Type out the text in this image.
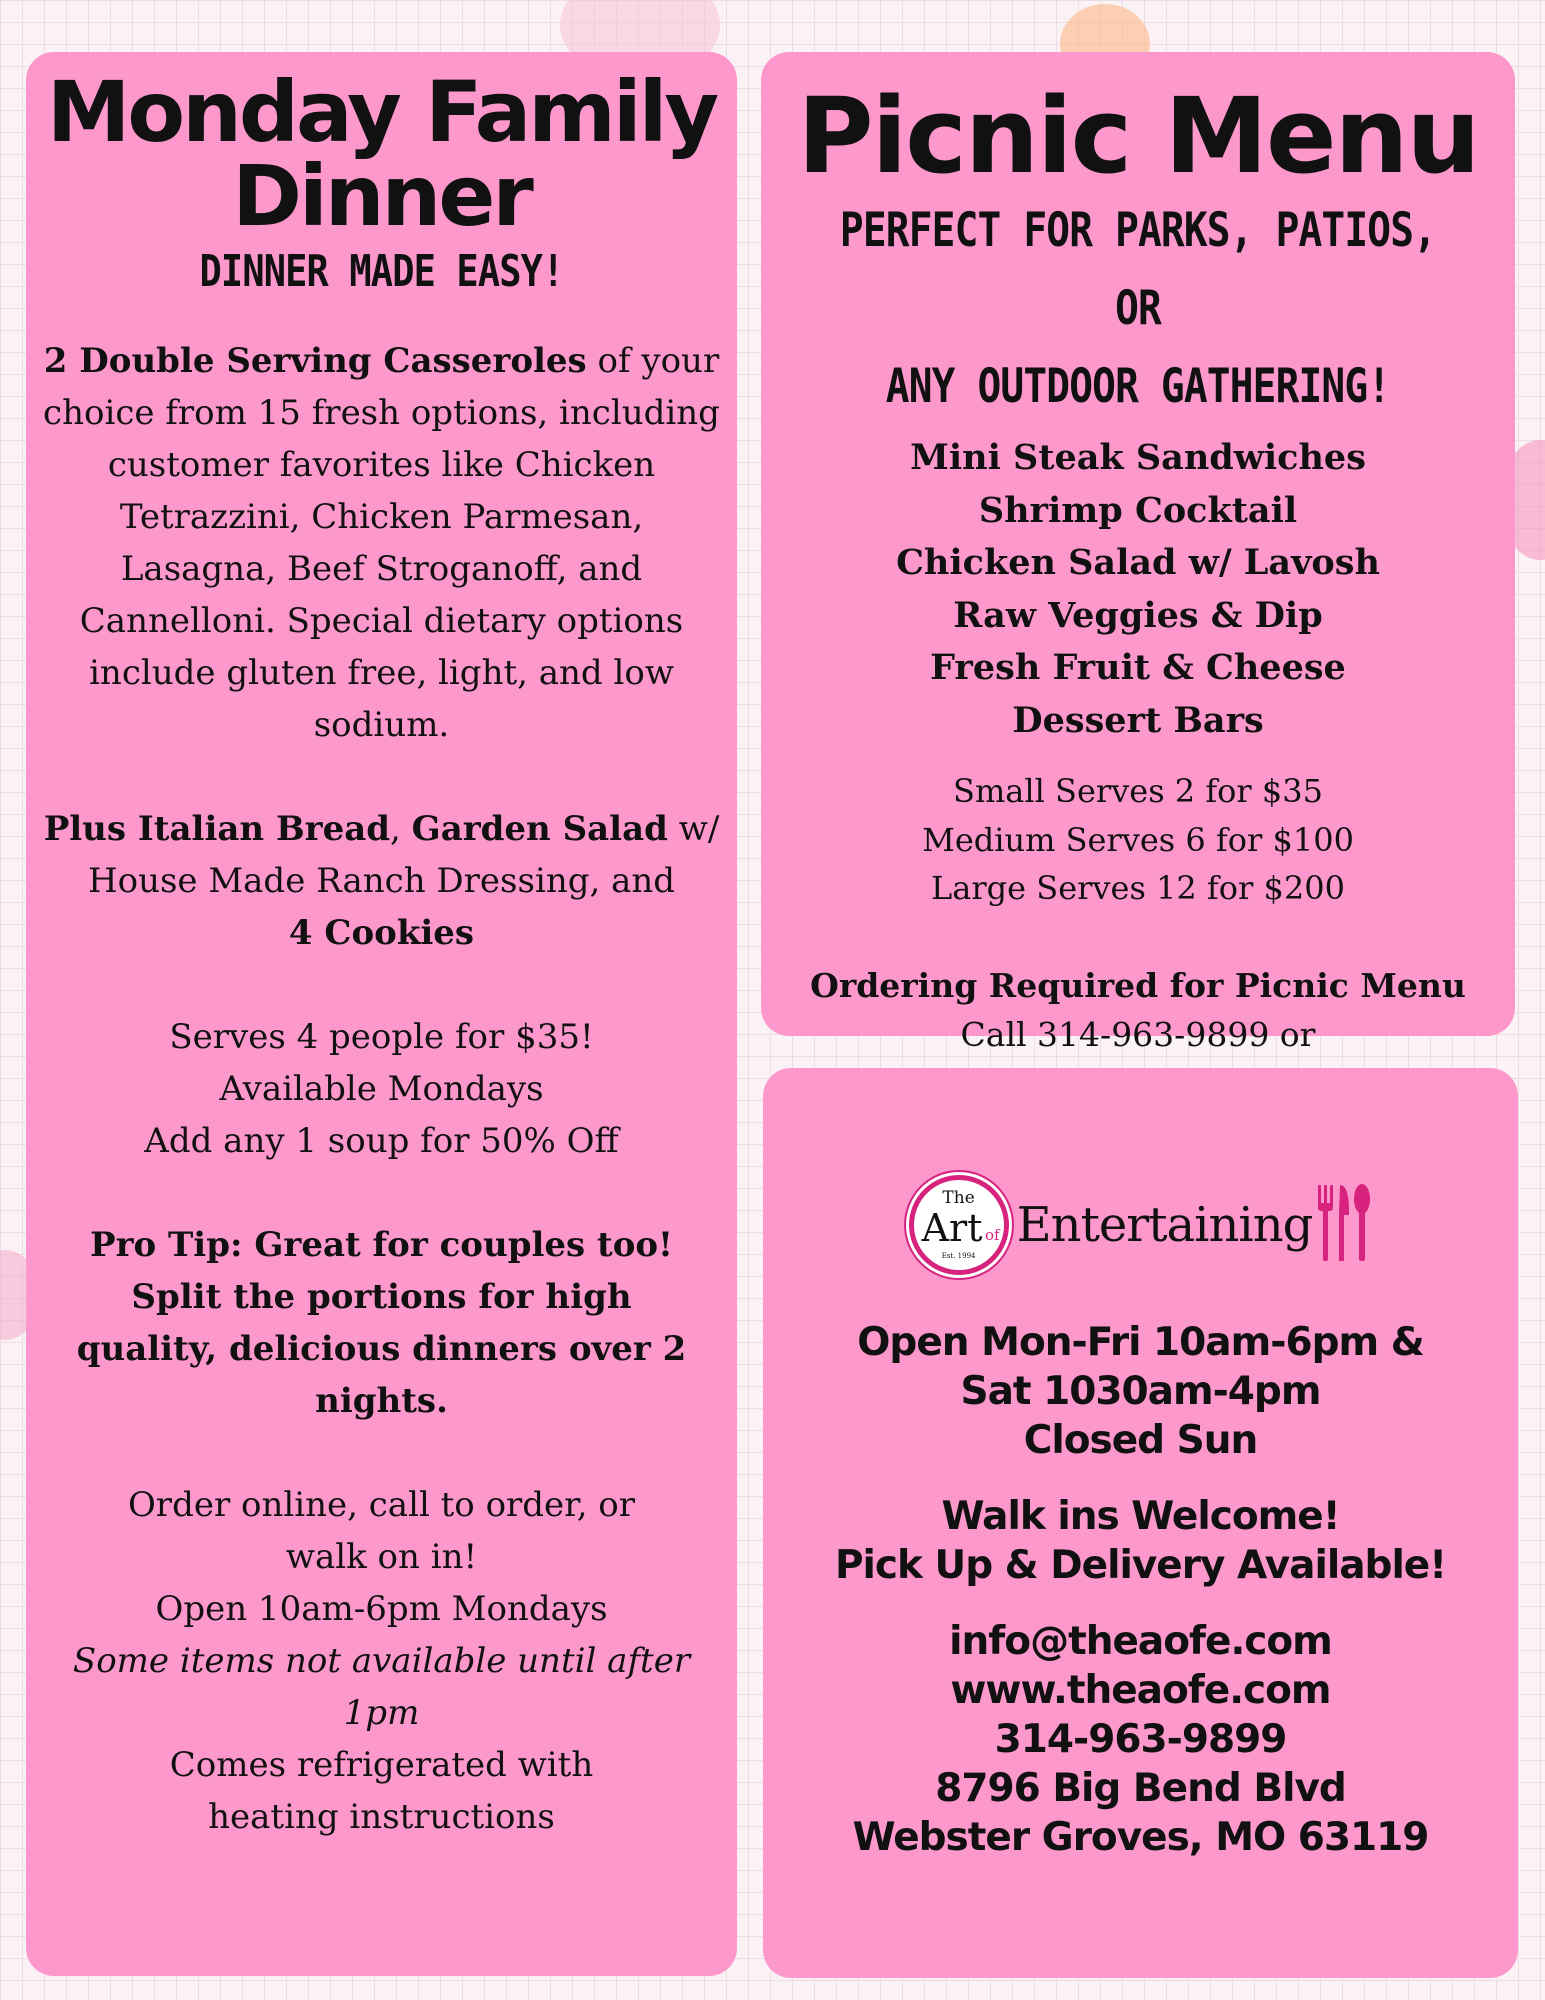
Monday Family
Dinner
DINNER MADE EASY!

2 Double Serving Casseroles of your choice from 15 fresh options, including customer favorites like Chicken Tetrazzini, Chicken Parmesan, Lasagna, Beef Stroganoff, and Cannelloni. Special dietary options include gluten free, light, and low sodium.

Plus Italian Bread, Garden Salad w/ House Made Ranch Dressing, and
4 Cookies

Serves 4 people for $35!
Available Mondays
Add any 1 soup for 50% Off

Pro Tip: Great for couples too! Split the portions for high quality, delicious dinners over 2 nights.

Order online, call to order, or
walk on in!
Open 10am-6pm Mondays
Some items not available until after 1pm
Comes refrigerated with heating instructions

Picnic Menu
PERFECT FOR PARKS, PATIOS, OR
ANY OUTDOOR GATHERING!
Mini Steak Sandwiches
Shrimp Cocktail
Chicken Salad w/ Lavosh
Raw Veggies & Dip
Fresh Fruit & Cheese
Dessert Bars
Small Serves 2 for $35
Medium Serves 6 for $100
Large Serves 12 for $200

Ordering Required for Picnic Menu

Call 314-963-9899 or

The
Art of
Est. 1994
Entertaining

Open Mon-Fri 10am-6pm &
Sat 1030am-4pm
Closed Sun

Walk ins Welcome!
Pick Up & Delivery Available!

info@theaofe.com
www.theaofe.com
314-963-9899
8796 Big Bend Blvd
Webster Groves, MO 63119
